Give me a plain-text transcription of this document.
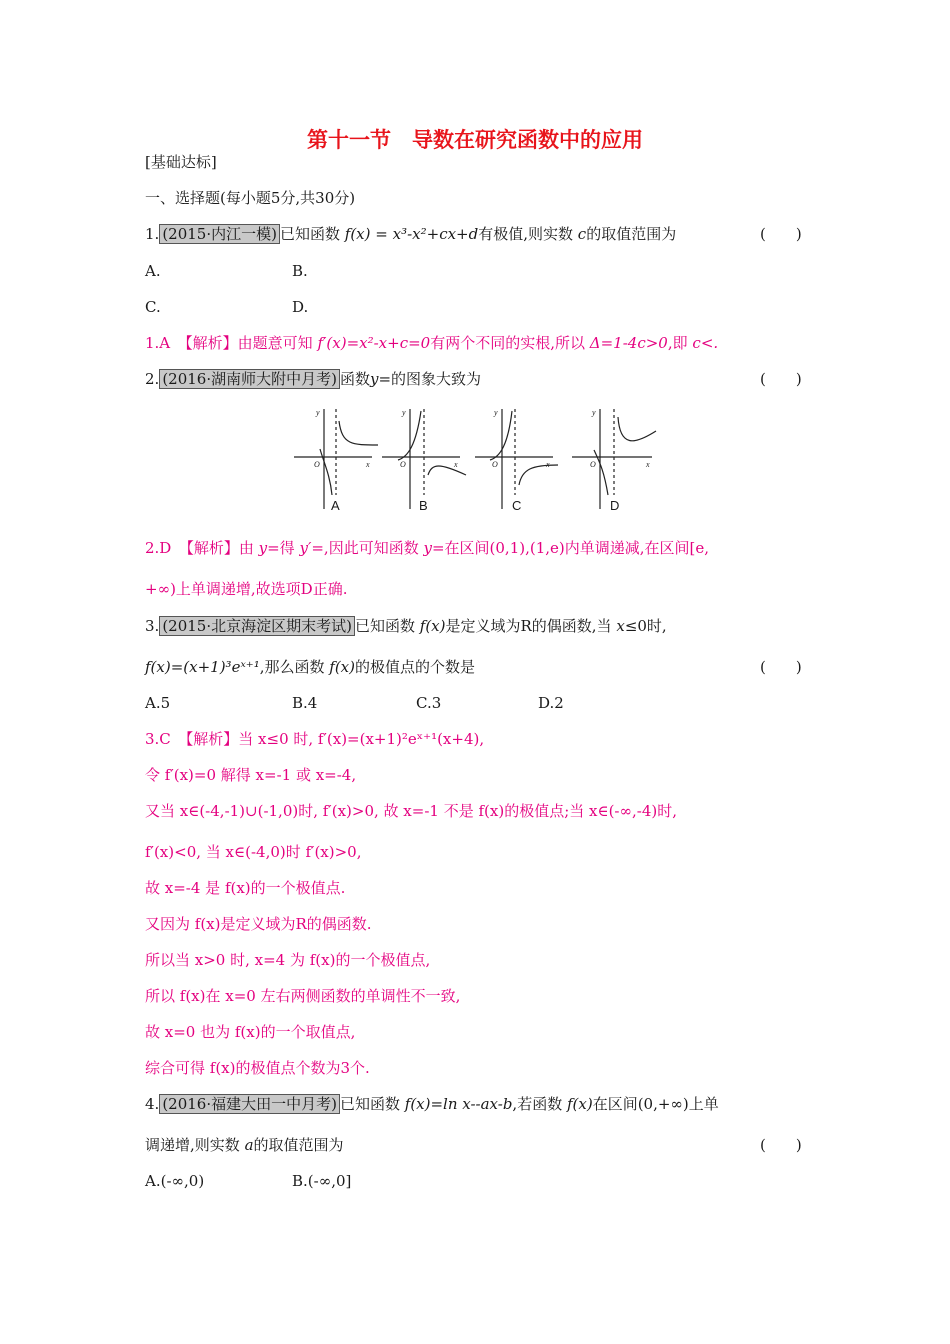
第十一节　导数在研究函数中的应用
[基础达标]
一、选择题(每小题5分,共30分)
1. (2015·内江一模) 已知函数 f(x) = x³-x²+cx+d有极值,则实数 c的取值范围为	(　　)
A.	B.
C.	D.
1.A　【解析】由题意可知 f′(x)=x²-x+c=0有两个不同的实根,所以 Δ=1-4c>0,即 c<.
2. (2016·湖南师大附中月考) 函数y=的图象大致为	(　　)
y
x
O
y
x
O
y
x
O
y
x
O
A	B	C	D
2.D　【解析】由 y=得 y′=,因此可知函数 y=在区间(0,1),(1,e)内单调递减,在区间[e,
+∞)上单调递增,故选项D正确.
3. (2015·北京海淀区期末考试) 已知函数 f(x)是定义域为R的偶函数,当 x≤0时,
f(x)=(x+1)³eˣ⁺¹,那么函数 f(x)的极值点的个数是	(　　)
A.5	B.4	C.3	D.2
3.C　【解析】当 x≤0 时, f′(x)=(x+1)²eˣ⁺¹(x+4),
令 f′(x)=0 解得 x=-1 或 x=-4,
又当 x∈(-4,-1)∪(-1,0)时, f′(x)>0, 故 x=-1 不是 f(x)的极值点;当 x∈(-∞,-4)时,
f′(x)<0, 当 x∈(-4,0)时 f′(x)>0,
故 x=-4 是 f(x)的一个极值点.
又因为 f(x)是定义域为R的偶函数.
所以当 x>0 时, x=4 为 f(x)的一个极值点,
所以 f(x)在 x=0 左右两侧函数的单调性不一致,
故 x=0 也为 f(x)的一个取值点,
综合可得 f(x)的极值点个数为3个.
4. (2016·福建大田一中月考) 已知函数 f(x)=ln x--ax-b,若函数 f(x)在区间(0,+∞)上单
调递增,则实数 a的取值范围为	(　　)
A.(-∞,0)	B.(-∞,0]
